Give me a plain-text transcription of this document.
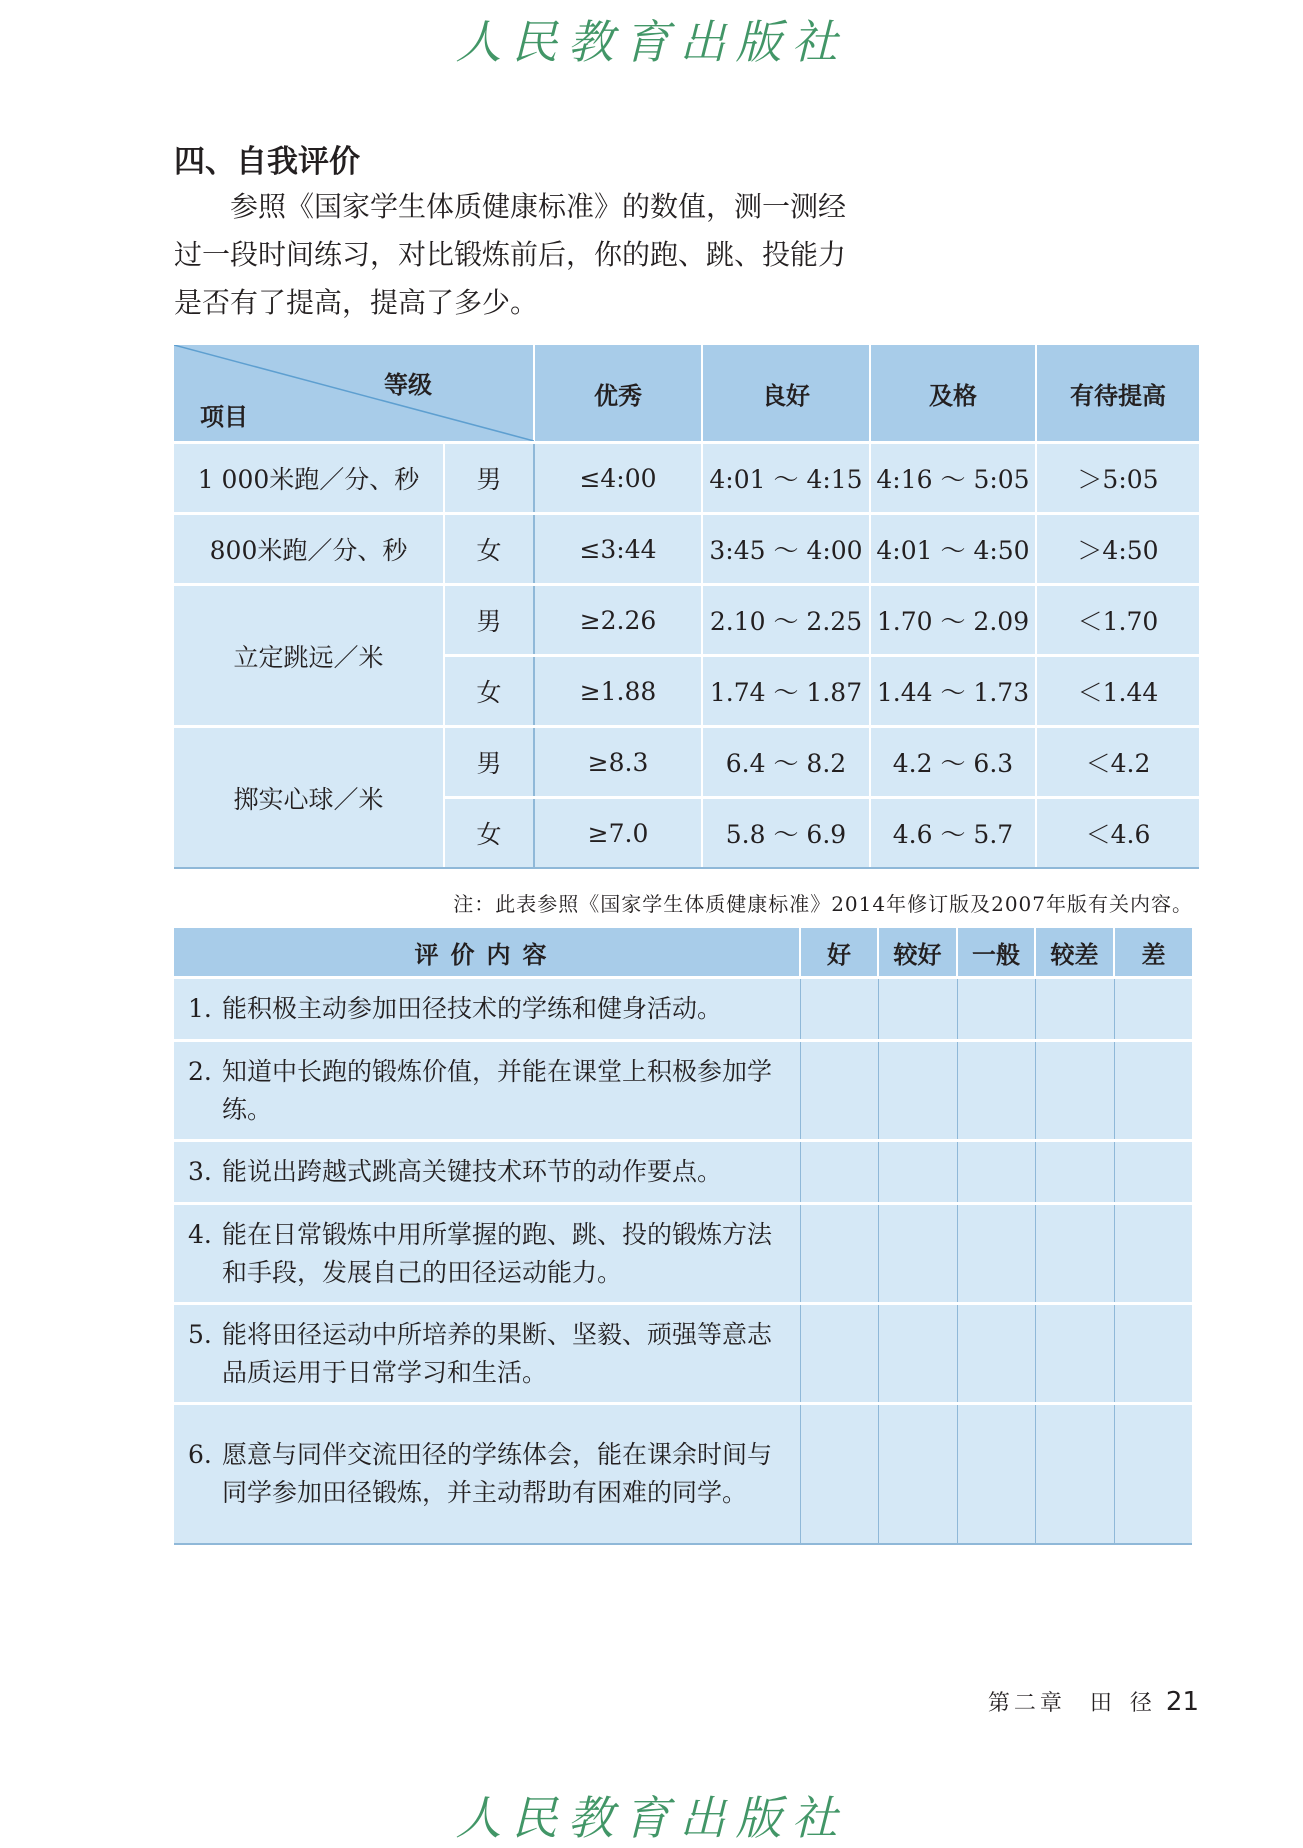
人民教育出版社
四、自我评价
参照《国家学生体质健康标准》的数值，测一测经过一段时间练习，对比锻炼前后，你的跑、跳、投能力是否有了提高，提高了多少。
等级
项目		优秀	良好	及格	有待提高
1 000米跑／分、秒	男	≤4:00	4:01 ～ 4:15	4:16 ～ 5:05	＞5:05
800米跑／分、秒	女	≤3:44	3:45 ～ 4:00	4:01 ～ 4:50	＞4:50
立定跳远／米	男	≥2.26	2.10 ～ 2.25	1.70 ～ 2.09	＜1.70
	女	≥1.88	1.74 ～ 1.87	1.44 ～ 1.73	＜1.44
掷实心球／米	男	≥8.3	6.4 ～ 8.2	4.2 ～ 6.3	＜4.2
	女	≥7.0	5.8 ～ 6.9	4.6 ～ 5.7	＜4.6
注：此表参照《国家学生体质健康标准》2014年修订版及2007年版有关内容。
评价内容	好	较好	一般	较差	差
1. 能积极主动参加田径技术的学练和健身活动。					
2. 知道中长跑的锻炼价值，并能在课堂上积极参加学练。					
3. 能说出跨越式跳高关键技术环节的动作要点。					
4. 能在日常锻炼中用所掌握的跑、跳、投的锻炼方法和手段，发展自己的田径运动能力。					
5. 能将田径运动中所培养的果断、坚毅、顽强等意志品质运用于日常学习和生活。					
6. 愿意与同伴交流田径的学练体会，能在课余时间与同学参加田径锻炼，并主动帮助有困难的同学。					
第二章 田 径 21
人民教育出版社
